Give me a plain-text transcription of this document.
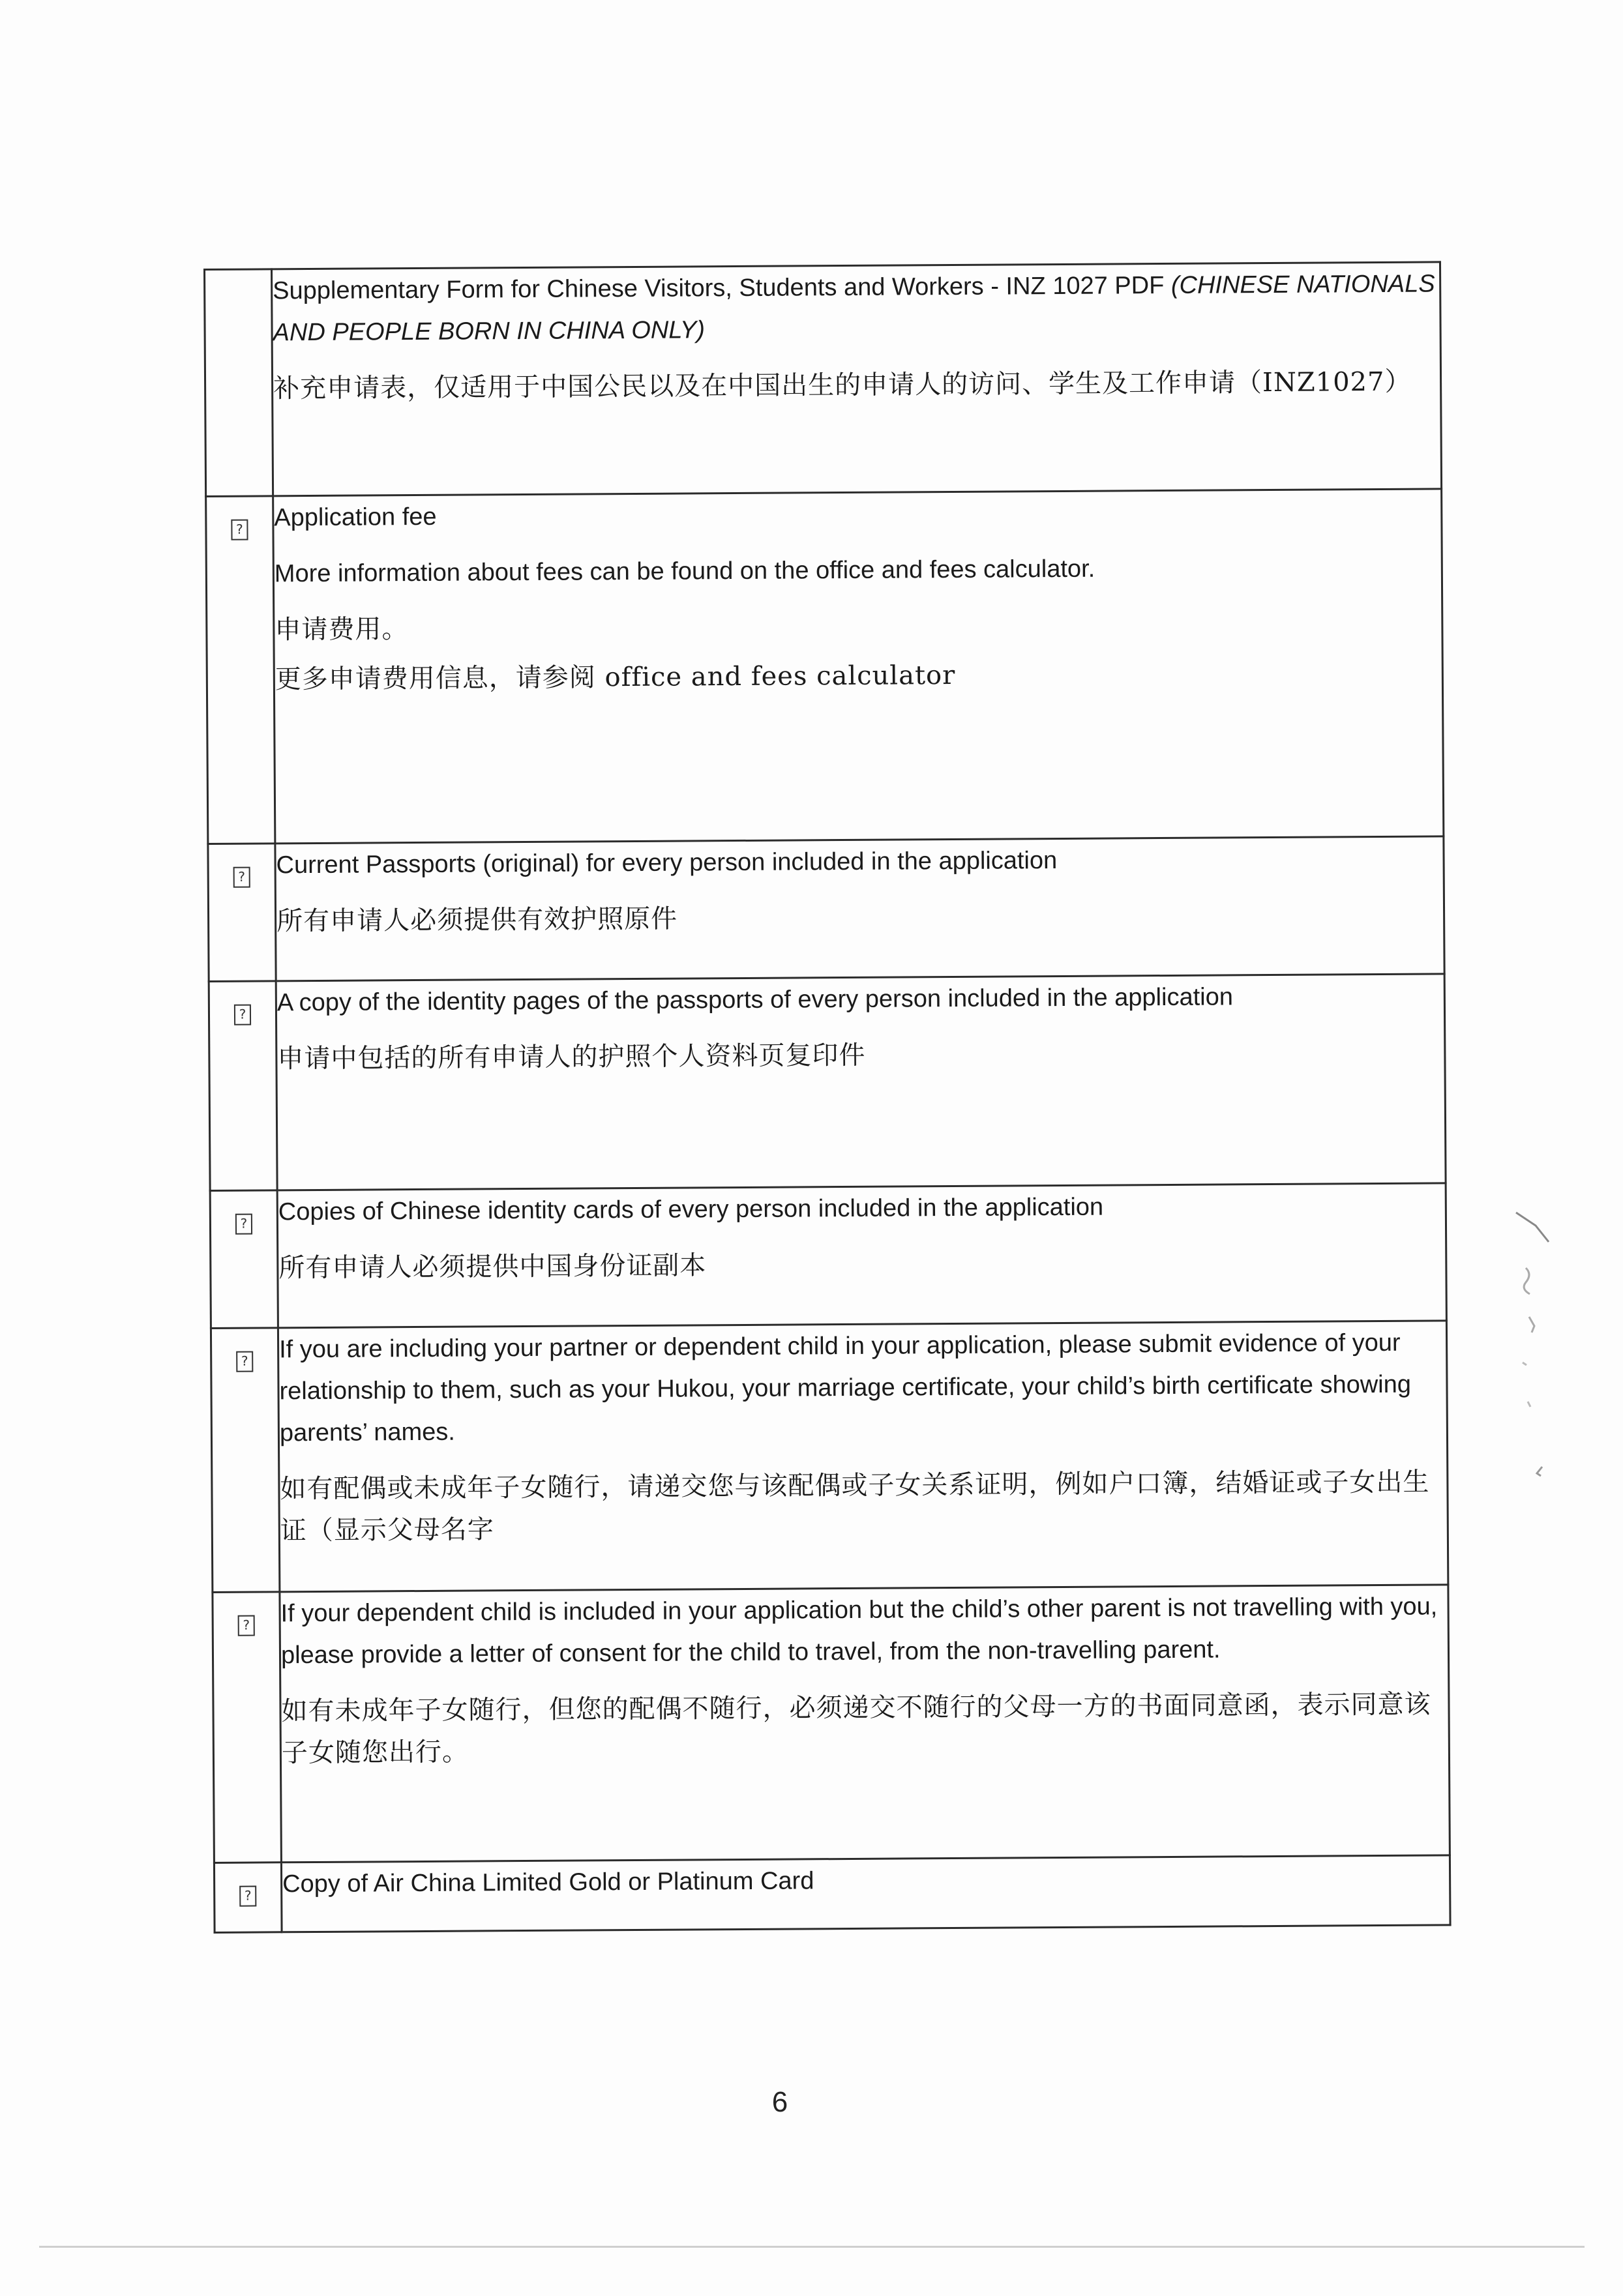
	Supplementary Form for Chinese Visitors, Students and Workers - INZ 1027 PDF (CHINESE NATIONALS AND PEOPLE BORN IN CHINA ONLY)

补充申请表，仅适用于中国公民以及在中国出生的申请人的访问、学生及工作申请（INZ1027）

?	Application fee

More information about fees can be found on the office and fees calculator.

申请费用。

更多申请费用信息，请参阅 office and fees calculator

?	Current Passports (original) for every person included in the application

所有申请人必须提供有效护照原件

?	A copy of the identity pages of the passports of every person included in the application

申请中包括的所有申请人的护照个人资料页复印件

?	Copies of Chinese identity cards of every person included in the application

所有申请人必须提供中国身份证副本

?	If you are including your partner or dependent child in your application, please submit evidence of your relationship to them, such as your Hukou, your marriage certificate, your child’s birth certificate showing parents’ names.

如有配偶或未成年子女随行，请递交您与该配偶或子女关系证明，例如户口簿，结婚证或子女出生证（显示父母名字

?	If your dependent child is included in your application but the child’s other parent is not travelling with you, please provide a letter of consent for the child to travel, from the non-travelling parent.

如有未成年子女随行，但您的配偶不随行，必须递交不随行的父母一方的书面同意函，表示同意该子女随您出行。

?	Copy of Air China Limited Gold or Platinum Card

6
